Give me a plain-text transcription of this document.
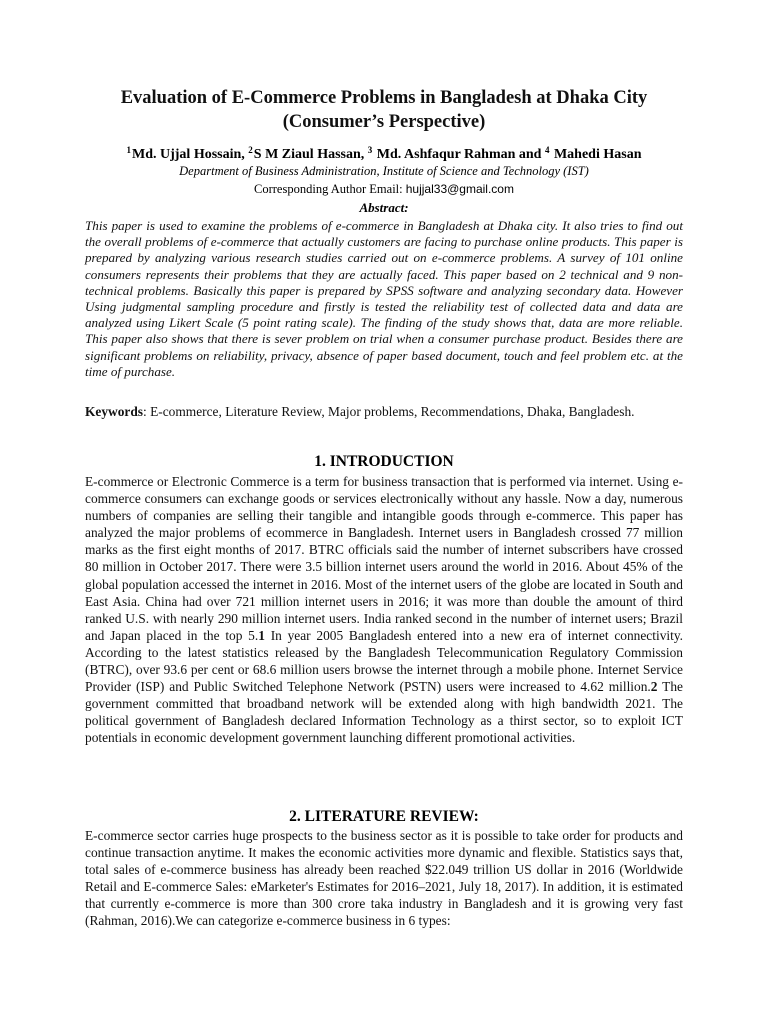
Evaluation of E-Commerce Problems in Bangladesh at Dhaka City
(Consumer’s Perspective)
$^1$Md. Ujjal Hossain, $^2$S M Ziaul Hassan, $^3$ Md. Ashfaqur Rahman and $^4$ Mahedi Hasan
Department of Business Administration, Institute of Science and Technology (IST)
Corresponding Author Email: hujjal33@gmail.com
Abstract:
This paper is used to examine the problems of e-commerce in Bangladesh at Dhaka city. It also tries to find out the overall problems of e-commerce that actually customers are facing to purchase online products. This paper is prepared by analyzing various research studies carried out on e-commerce problems. A survey of 101 online consumers represents their problems that they are actually faced. This paper based on 2 technical and 9 non-technical problems. Basically this paper is prepared by SPSS software and analyzing secondary data. However Using judgmental sampling procedure and firstly is tested the reliability test of collected data and data are analyzed using Likert Scale (5 point rating scale). The finding of the study shows that, data are more reliable. This paper also shows that there is sever problem on trial when a consumer purchase product. Besides there are significant problems on reliability, privacy, absence of paper based document, touch and feel problem etc. at the time of purchase.
Keywords: E-commerce, Literature Review, Major problems, Recommendations, Dhaka, Bangladesh.
1. INTRODUCTION
E-commerce or Electronic Commerce is a term for business transaction that is performed via internet. Using e-commerce consumers can exchange goods or services electronically without any hassle. Now a day, numerous numbers of companies are selling their tangible and intangible goods through e-commerce. This paper has analyzed the major problems of ecommerce in Bangladesh. Internet users in Bangladesh crossed 77 million marks as the first eight months of 2017. BTRC officials said the number of internet subscribers have crossed 80 million in October 2017. There were 3.5 billion internet users around the world in 2016. About 45% of the global population accessed the internet in 2016. Most of the internet users of the globe are located in South and East Asia. China had over 721 million internet users in 2016; it was more than double the amount of third ranked U.S. with nearly 290 million internet users. India ranked second in the number of internet users; Brazil and Japan placed in the top 5.1 In year 2005 Bangladesh entered into a new era of internet connectivity. According to the latest statistics released by the Bangladesh Telecommunication Regulatory Commission (BTRC), over 93.6 per cent or 68.6 million users browse the internet through a mobile phone. Internet Service Provider (ISP) and Public Switched Telephone Network (PSTN) users were increased to 4.62 million.2 The government committed that broadband network will be extended along with high bandwidth 2021. The political government of Bangladesh declared Information Technology as a thirst sector, so to exploit ICT potentials in economic development government launching different promotional activities.
2. LITERATURE REVIEW:
E-commerce sector carries huge prospects to the business sector as it is possible to take order for products and continue transaction anytime. It makes the economic activities more dynamic and flexible. Statistics says that, total sales of e-commerce business has already been reached $22.049 trillion US dollar in 2016 (Worldwide Retail and E-commerce Sales: eMarketer's Estimates for 2016–2021, July 18, 2017). In addition, it is estimated that currently e-commerce is more than 300 crore taka industry in Bangladesh and it is growing very fast (Rahman, 2016).We can categorize e-commerce business in 6 types:
